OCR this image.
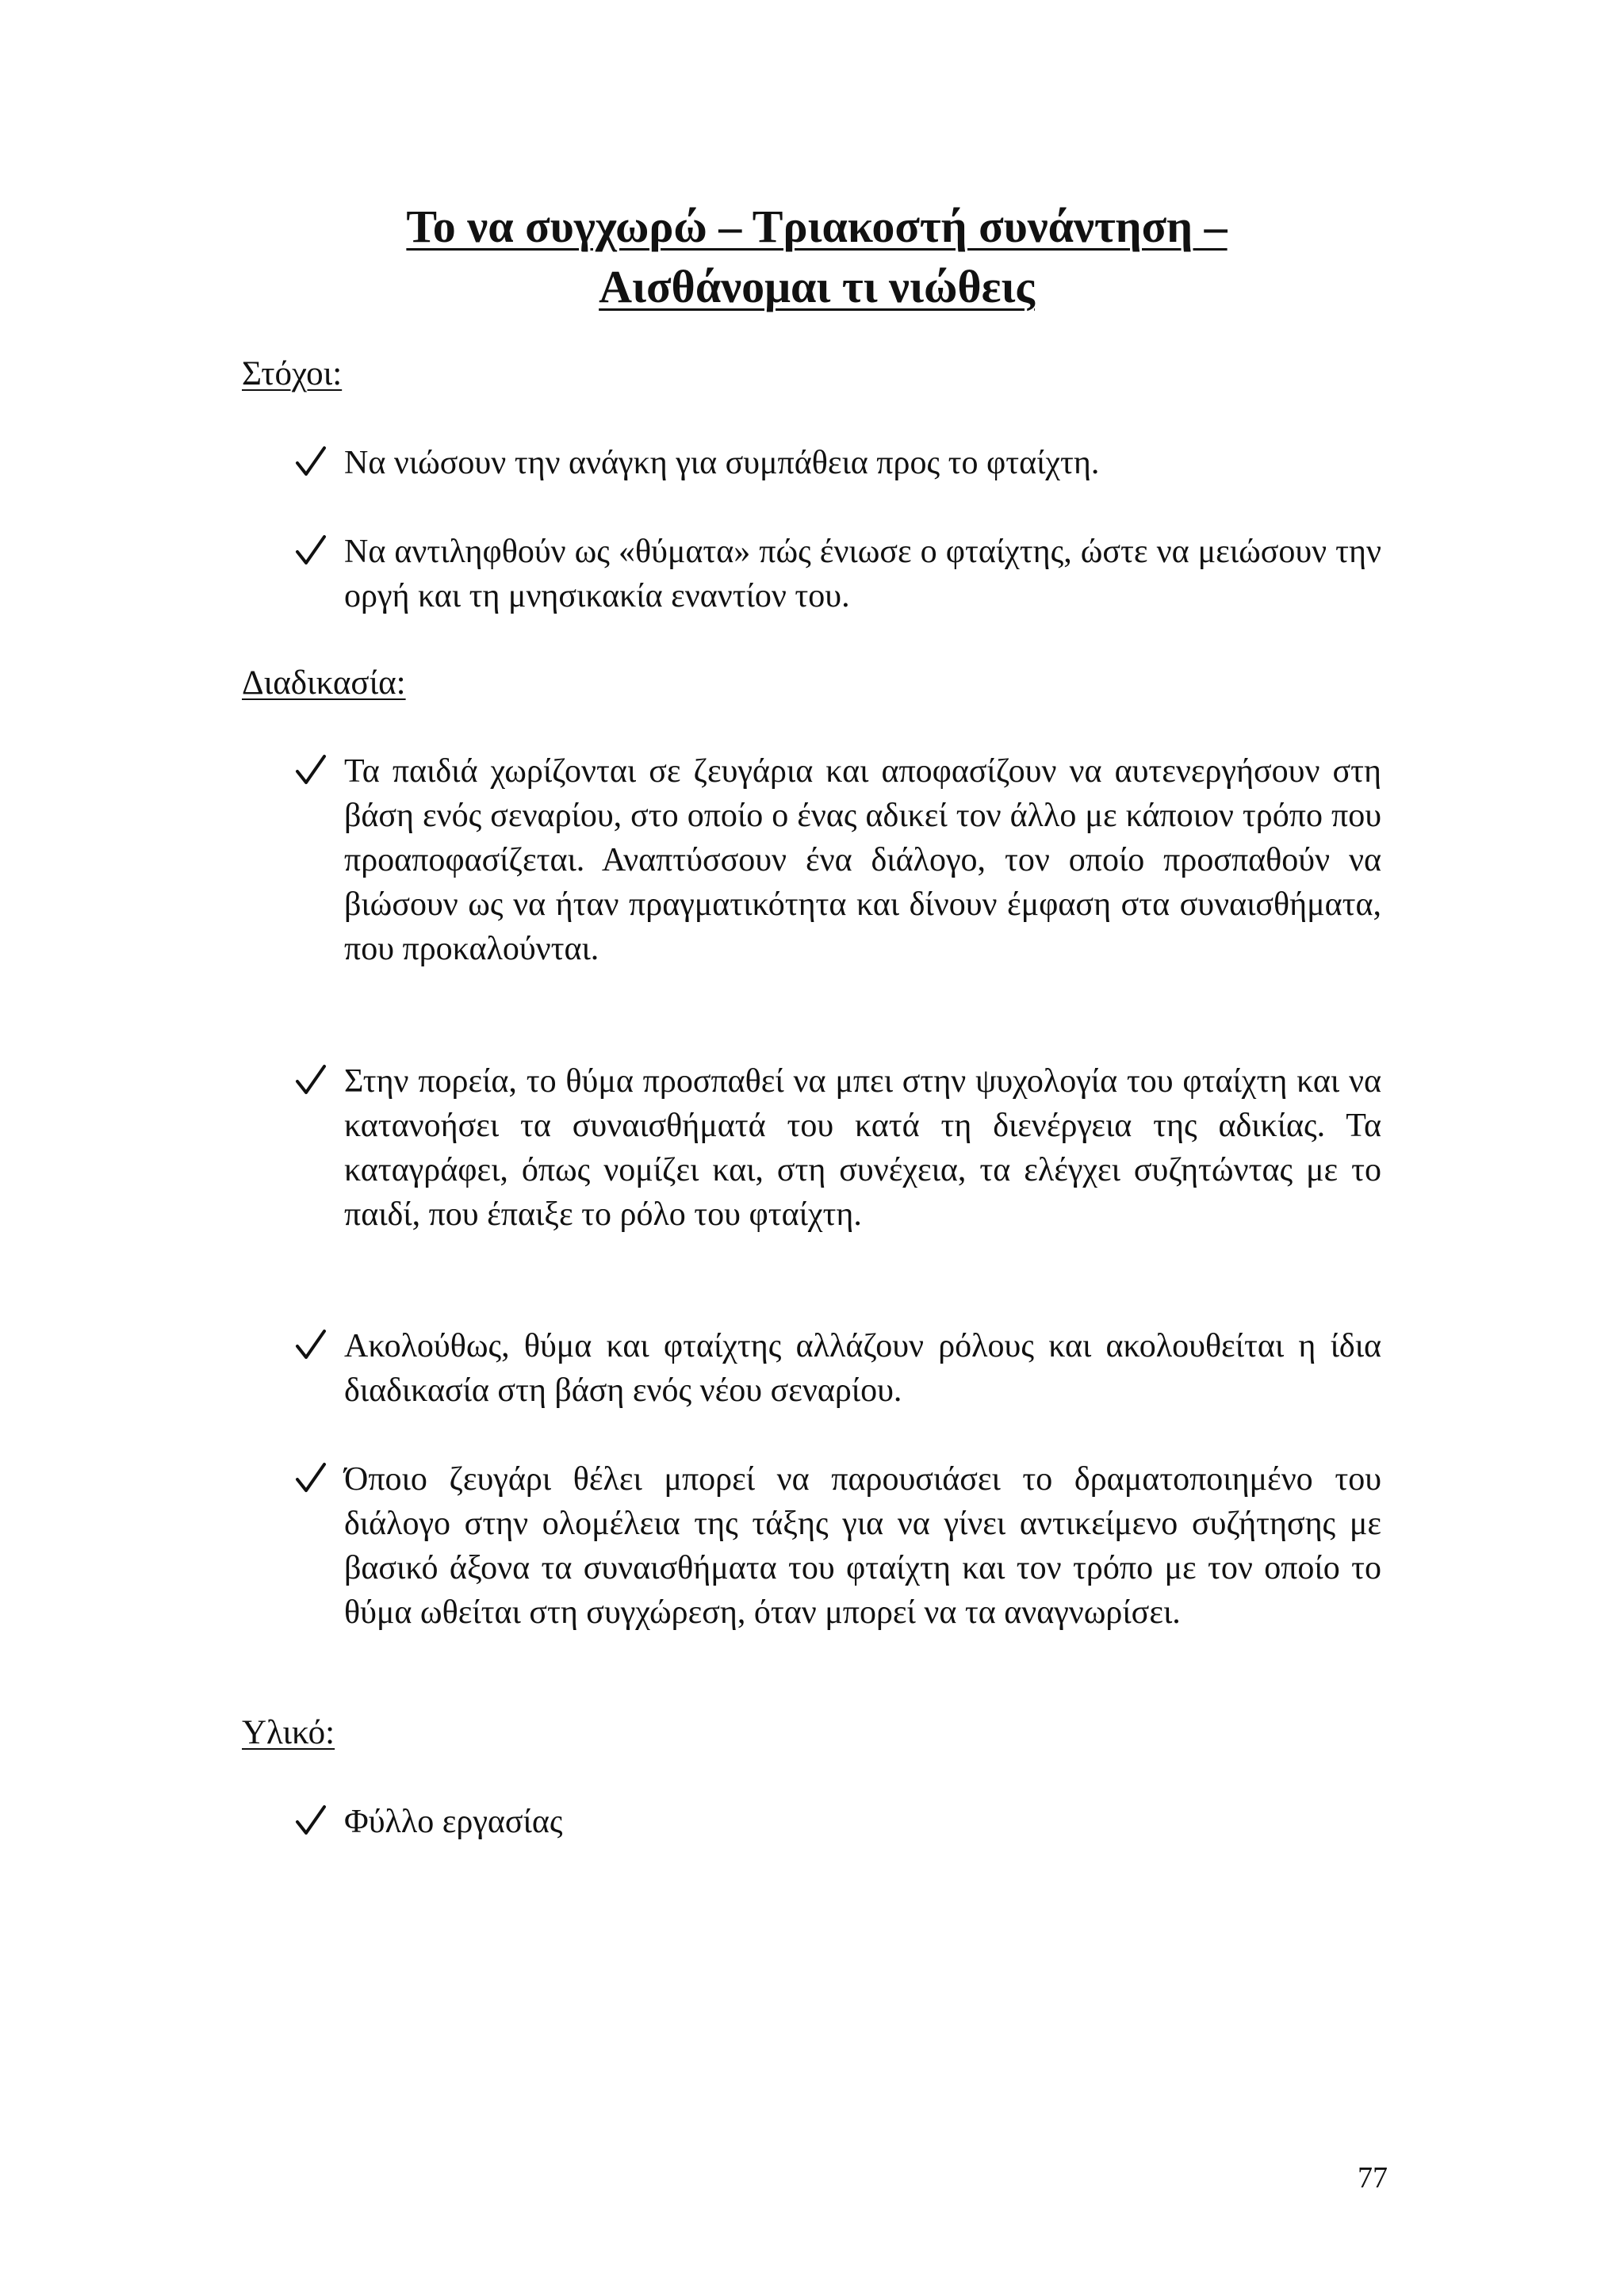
Το να συγχωρώ – Τριακοστή συνάντηση –
Αισθάνομαι τι νιώθεις
Στόχοι:
Να νιώσουν την ανάγκη για συμπάθεια προς το φταίχτη.
Να αντιληφθούν ως «θύματα» πώς ένιωσε ο φταίχτης, ώστε να μειώσουν την οργή και τη μνησικακία εναντίον του.
Διαδικασία:
Τα παιδιά χωρίζονται σε ζευγάρια και αποφασίζουν να αυτενεργήσουν στη βάση ενός σεναρίου, στο οποίο ο ένας αδικεί τον άλλο με κάποιον τρόπο που προαποφασίζεται. Αναπτύσσουν ένα διάλογο, τον οποίο προσπαθούν να βιώσουν ως να ήταν πραγματικότητα και δίνουν έμφαση στα συναισθήματα, που προκαλούνται.
Στην πορεία, το θύμα προσπαθεί να μπει στην ψυχολογία του φταίχτη και να κατανοήσει τα συναισθήματά του κατά τη διενέργεια της αδικίας. Τα καταγράφει, όπως νομίζει και, στη συνέχεια, τα ελέγχει συζητώντας με το παιδί, που έπαιξε το ρόλο του φταίχτη.
Ακολούθως, θύμα και φταίχτης αλλάζουν ρόλους και ακολουθείται η ίδια διαδικασία στη βάση ενός νέου σεναρίου.
Όποιο ζευγάρι θέλει μπορεί να παρουσιάσει το δραματοποιημένο του διάλογο στην ολομέλεια της τάξης για να γίνει αντικείμενο συζήτησης με βασικό άξονα τα συναισθήματα του φταίχτη και τον τρόπο με τον οποίο το θύμα ωθείται στη συγχώρεση, όταν μπορεί να τα αναγνωρίσει.
Υλικό:
Φύλλο εργασίας
77
